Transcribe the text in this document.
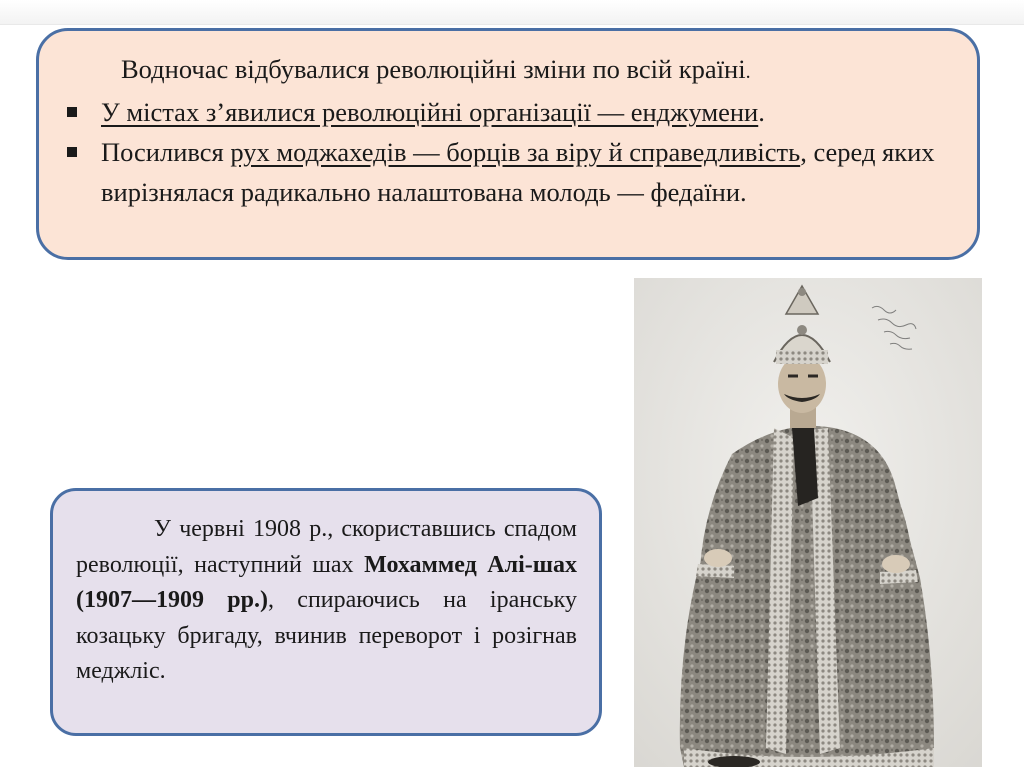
Водночас відбувалися революційні зміни по всій країні.
У містах з’явилися революційні організації — енджумени.
Посилився рух моджахедів — борців за віру й справедливість, серед яких вирізнялася радикально налаштована молодь — федаїни.
У червні 1908 р., скориставшись спадом революції, наступний шах Мохаммед Алі-шах (1907—1909 рр.), спираючись на іранську козацьку бригаду, вчинив переворот і розігнав меджліс.
